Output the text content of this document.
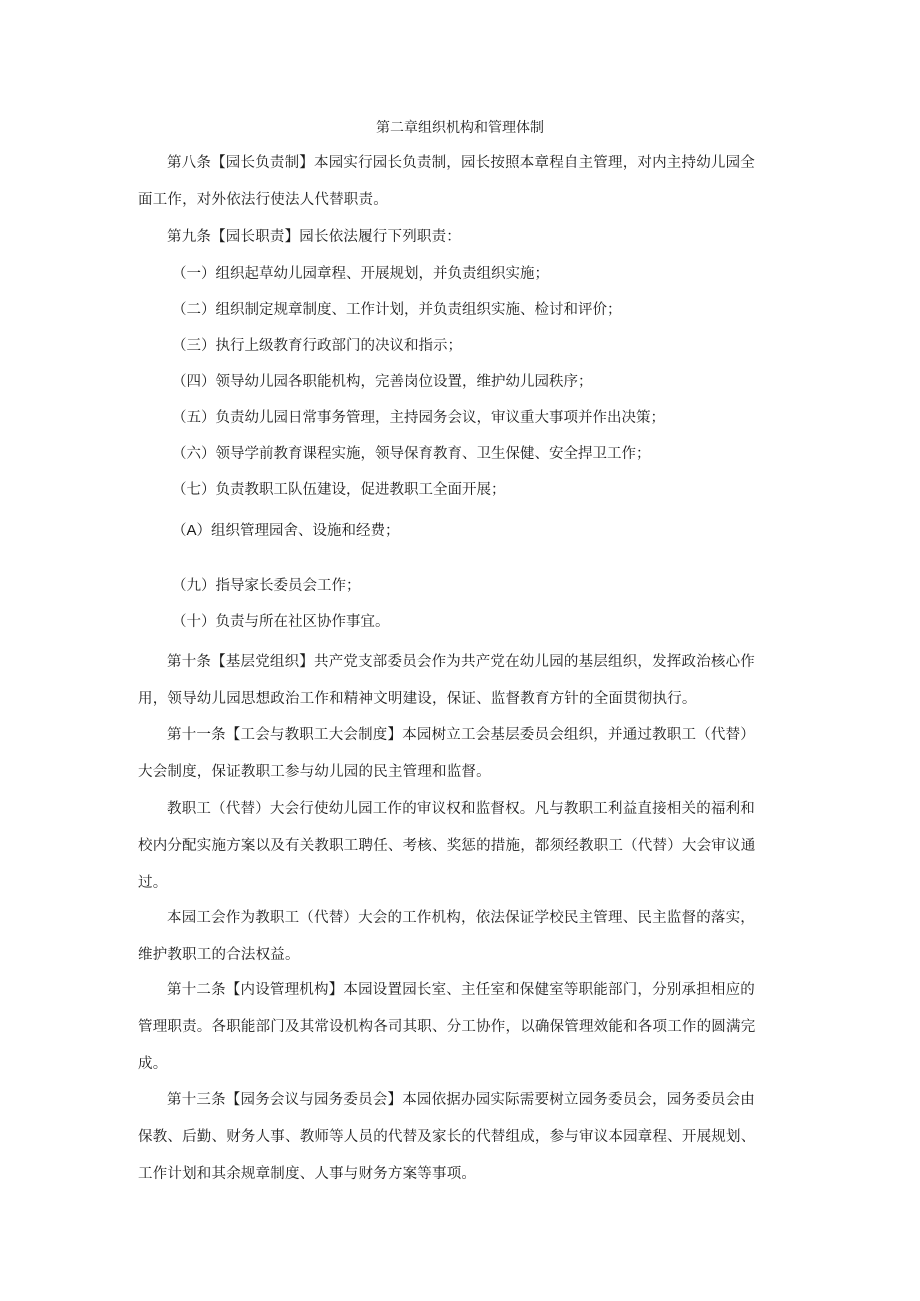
第二章组织机构和管理体制
第八条【园长负责制】本园实行园长负责制，园长按照本章程自主管理，对内主持幼儿园全
面工作，对外依法行使法人代替职责。
第九条【园长职责】园长依法履行下列职责：
（一）组织起草幼儿园章程、开展规划，并负责组织实施；
（二）组织制定规章制度、工作计划，并负责组织实施、检讨和评价；
（三）执行上级教育行政部门的决议和指示；
（四）领导幼儿园各职能机构，完善岗位设置，维护幼儿园秩序；
（五）负责幼儿园日常事务管理，主持园务会议，审议重大事项并作出决策；
（六）领导学前教育课程实施，领导保育教育、卫生保健、安全捍卫工作；
（七）负责教职工队伍建设，促进教职工全面开展；
（A）组织管理园舍、设施和经费；
（九）指导家长委员会工作；
（十）负责与所在社区协作事宜。
第十条【基层党组织】共产党支部委员会作为共产党在幼儿园的基层组织，发挥政治核心作
用，领导幼儿园思想政治工作和精神文明建设，保证、监督教育方针的全面贯彻执行。
第十一条【工会与教职工大会制度】本园树立工会基层委员会组织，并通过教职工（代替）
大会制度，保证教职工参与幼儿园的民主管理和监督。
教职工（代替）大会行使幼儿园工作的审议权和监督权。凡与教职工利益直接相关的福利和
校内分配实施方案以及有关教职工聘任、考核、奖惩的措施，都须经教职工（代替）大会审议通
过。
本园工会作为教职工（代替）大会的工作机构，依法保证学校民主管理、民主监督的落实，
维护教职工的合法权益。
第十二条【内设管理机构】本园设置园长室、主任室和保健室等职能部门，分别承担相应的
管理职责。各职能部门及其常设机构各司其职、分工协作，以确保管理效能和各项工作的圆满完
成。
第十三条【园务会议与园务委员会】本园依据办园实际需要树立园务委员会，园务委员会由
保教、后勤、财务人事、教师等人员的代替及家长的代替组成，参与审议本园章程、开展规划、
工作计划和其余规章制度、人事与财务方案等事项。
